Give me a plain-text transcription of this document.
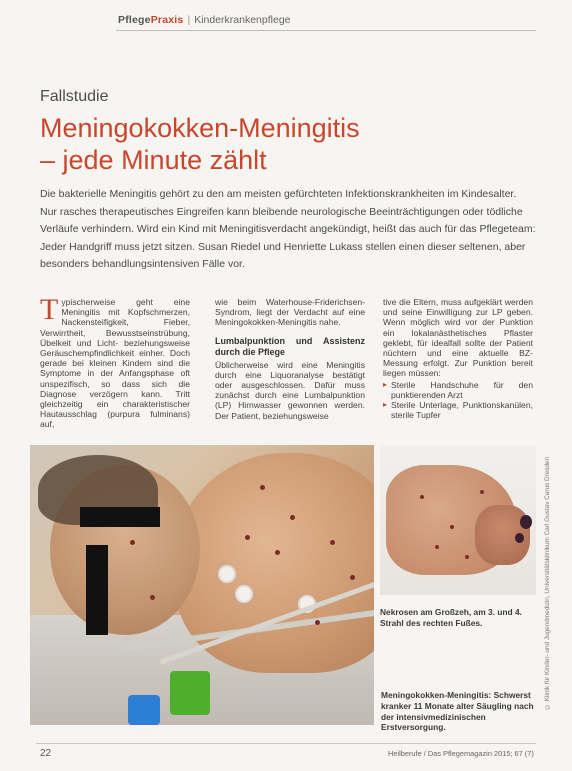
PflegePraxis | Kinderkrankenpflege
Fallstudie
Meningokokken-Meningitis
– jede Minute zählt

Die bakterielle Meningitis gehört zu den am meisten gefürchteten Infektionskrankheiten im Kindesalter. Nur rasches therapeutisches Eingreifen kann bleibende neurologische Beeinträchtigungen oder tödliche Verläufe verhindern. Wird ein Kind mit Meningitisverdacht angekündigt, heißt das auch für das Pflegeteam: Jeder Handgriff muss jetzt sitzen. Susan Riedel und Henriette Lukass stellen einen dieser seltenen, aber besonders behandlungsintensiven Fälle vor.

T ypischerweise geht eine Meningitis mit Kopfschmerzen, Nackensteifigkeit, Fieber, Verwirrtheit, Bewusstseinstrübung, Übelkeit und Licht- beziehungsweise Geräuschempfindlichkeit einher. Doch gerade bei kleinen Kindern sind die Symptome in der Anfangsphase oft unspezifisch, so dass sich die Diagnose verzögern kann. Tritt gleichzeitig ein charakteristischer Hautausschlag (purpura fulminans) auf,

wie beim Waterhouse-Friderichsen-Syndrom, liegt der Verdacht auf eine Meningokokken-Meningitis nahe.

Lumbalpunktion und Assistenz durch die Pflege

Üblicherweise wird eine Meningitis durch eine Liquoranalyse bestätigt oder ausgeschlossen. Dafür muss zunächst durch eine Lumbalpunktion (LP) Hirnwasser gewonnen werden. Der Patient, beziehungsweise

tive die Eltern, muss aufgeklärt werden und seine Einwilligung zur LP geben. Wenn möglich wird vor der Punktion ein lokalanästhetisches Pflaster geklebt, für idealfall sollte der Patient nüchtern und eine aktuelle BZ-Messung erfolgt. Zur Punktion bereit liegen müssen:

▸ Sterile Handschuhe für den punktierenden Arzt
▸ Sterile Unterlage, Punktionskanülen, sterile Tupfer
Nekrosen am Großzeh, am 3. und 4. Strahl des rechten Fußes.
Meningokokken-Meningitis: Schwerst kranker 11 Monate alter Säugling nach der intensivmedizinischen Erstversorgung.
© Klinik für Kinder- und Jugendmedizin, Universitätsklinikum Carl Gustav Carus Dresden
22	Heilberufe / Das Pflegemagazin 2015; 67 (7)
